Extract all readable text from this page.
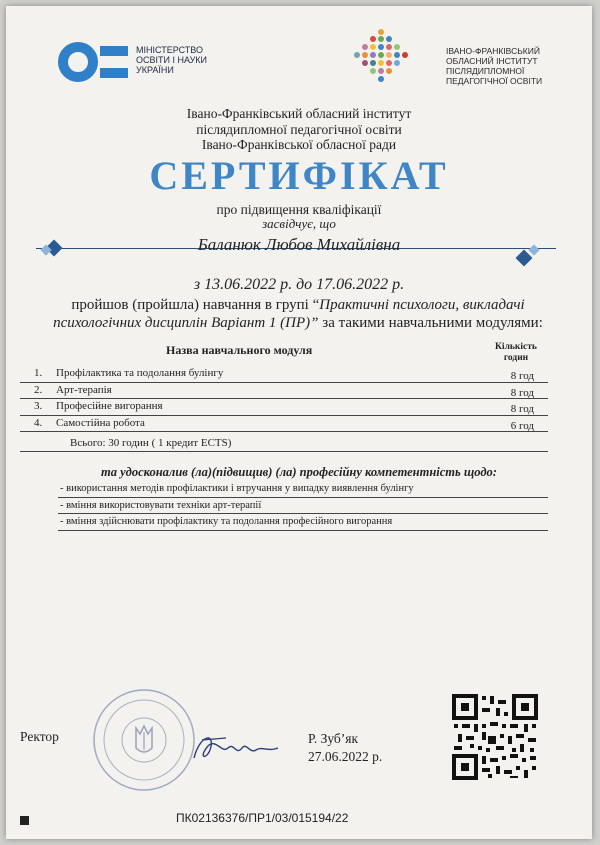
МІНІСТЕРСТВО
ОСВІТИ І НАУКИ
УКРАЇНИ
ІВАНО-ФРАНКІВСЬКИЙ
ОБЛАСНИЙ ІНСТИТУТ
ПІСЛЯДИПЛОМНОЇ
ПЕДАГОГІЧНОЇ ОСВІТИ
Івано-Франківський обласний інститут
післядипломної педагогічної освіти
Івано-Франківської обласної ради
СЕРТИФІКАТ
про підвищення кваліфікації
засвідчує, що
Баланюк Любов Михайлівна
з 13.06.2022 р. до 17.06.2022 р.
пройшов (пройшла) навчання в групі “Практичні психологи, викладачі
психологічних дисциплін Варіант 1 (ПР)” за такими навчальними модулями:
Назва навчального модуля	Кількість
годин
1. Профілактика та подолання булінгу	8 год
2. Арт-терапія	8 год
3. Професійне вигорання	8 год
4. Самостійна робота	6 год
Всього: 30 годин ( 1 кредит ECTS)
та удосконалив (ла)(підвищив) (ла) професійну компетентність щодо:
- використання методів профілактики і втручання у випадку виявлення булінгу
- вміння використовувати техніки арт-терапії
- вміння здійснювати профілактику та подолання професійного вигорання
Ректор	Р. Зуб’як
27.06.2022 р.
ПК02136376/ПР1/03/015194/22
